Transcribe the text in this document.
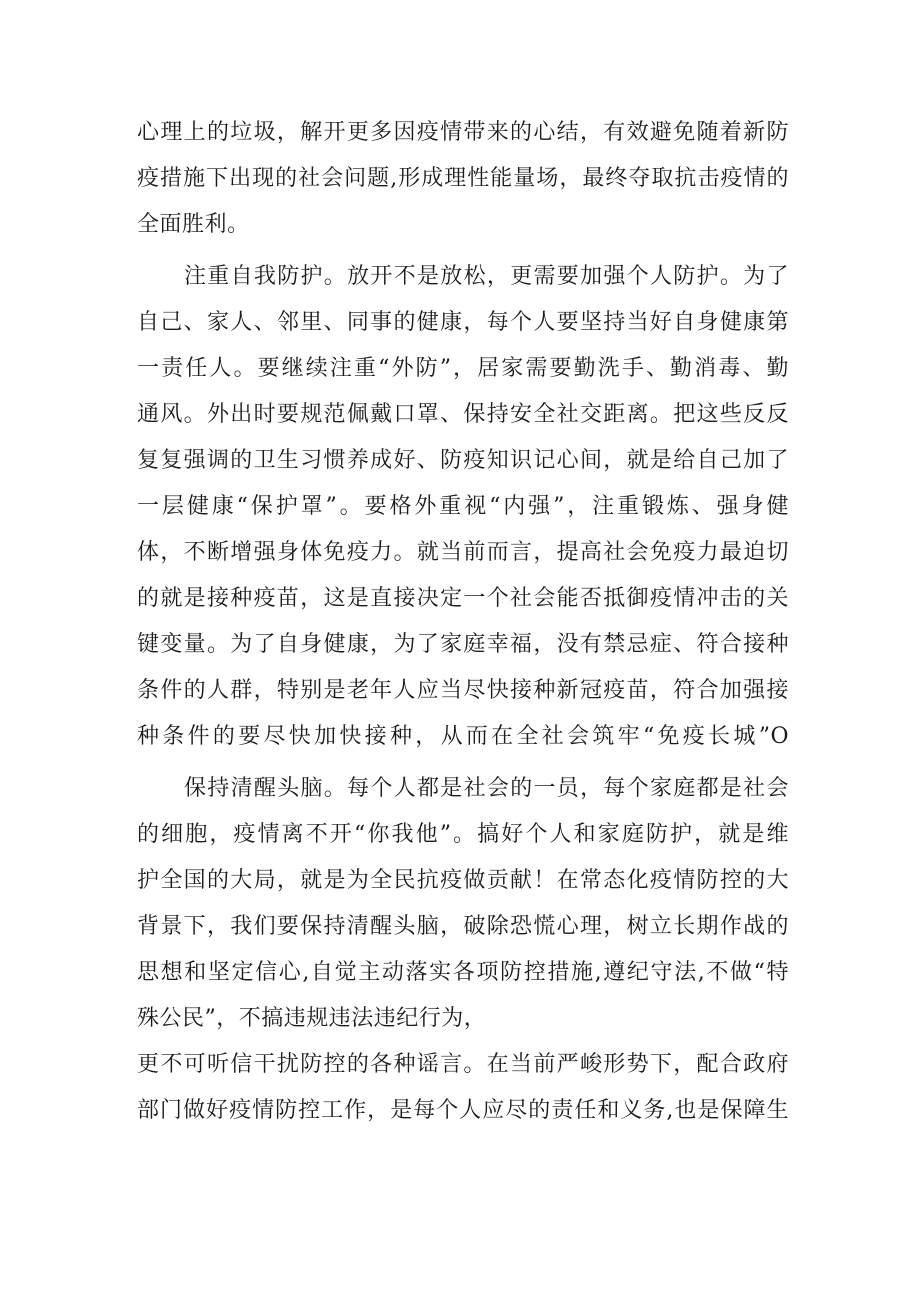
心理上的垃圾，解开更多因疫情带来的心结，有效避免随着新防
疫措施下出现的社会问题,形成理性能量场，最终夺取抗击疫情的
全面胜利。
注重自我防护。放开不是放松，更需要加强个人防护。为了
自己、家人、邻里、同事的健康，每个人要坚持当好自身健康第
一责任人。要继续注重“外防”，居家需要勤洗手、勤消毒、勤
通风。外出时要规范佩戴口罩、保持安全社交距离。把这些反反
复复强调的卫生习惯养成好、防疫知识记心间，就是给自己加了
一层健康“保护罩”。要格外重视“内强”，注重锻炼、强身健
体，不断增强身体免疫力。就当前而言，提高社会免疫力最迫切
的就是接种疫苗，这是直接决定一个社会能否抵御疫情冲击的关
键变量。为了自身健康，为了家庭幸福，没有禁忌症、符合接种
条件的人群，特别是老年人应当尽快接种新冠疫苗，符合加强接
种条件的要尽快加快接种，从而在全社会筑牢“免疫长城”O
保持清醒头脑。每个人都是社会的一员，每个家庭都是社会
的细胞，疫情离不开“你我他”。搞好个人和家庭防护，就是维
护全国的大局，就是为全民抗疫做贡献！在常态化疫情防控的大
背景下，我们要保持清醒头脑，破除恐慌心理，树立长期作战的
思想和坚定信心,自觉主动落实各项防控措施,遵纪守法,不做“特
殊公民”，不搞违规违法违纪行为，
更不可听信干扰防控的各种谣言。在当前严峻形势下，配合政府
部门做好疫情防控工作，是每个人应尽的责任和义务,也是保障生
